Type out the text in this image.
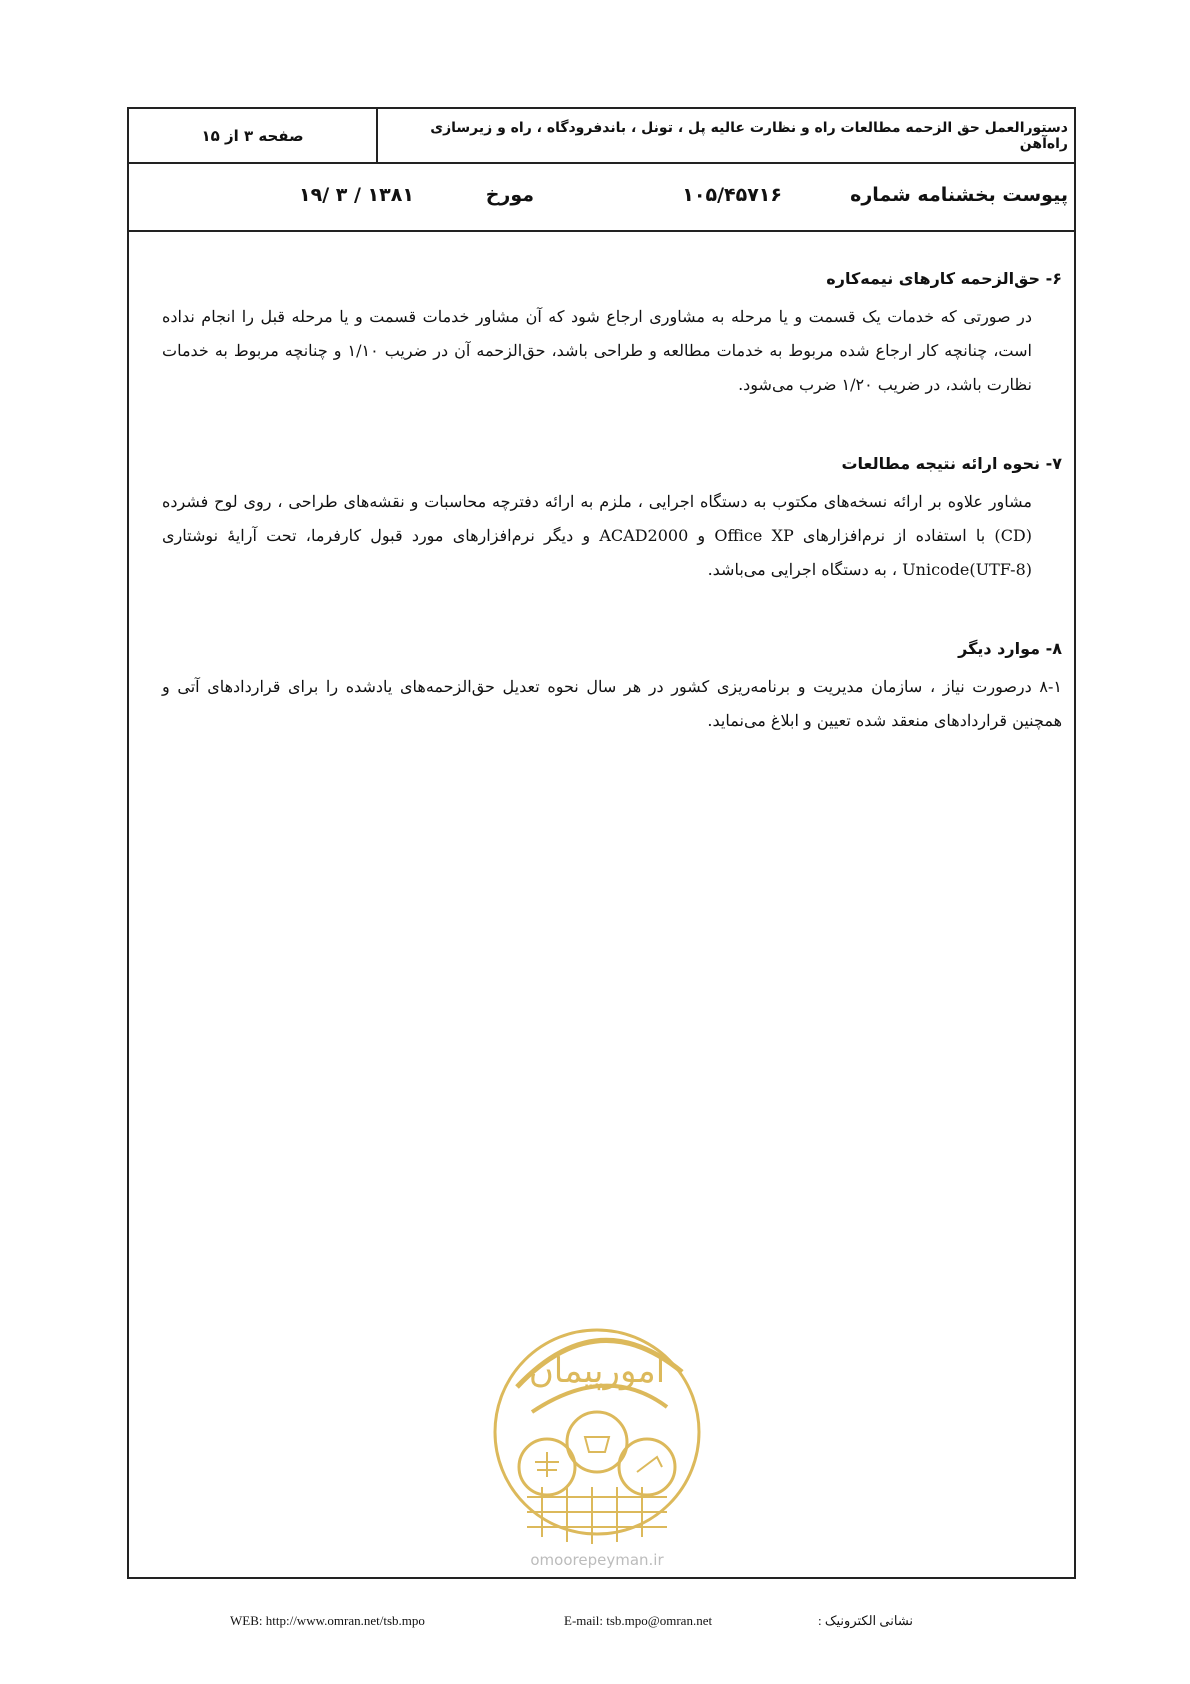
دستورالعمل حق الزحمه مطالعات راه و نظارت عالیه پل ، تونل ، باندفرودگاه ، راه و زیرسازی راه‌آهن
صفحه ۳ از ۱۵
پیوست بخشنامه شماره
۱۰۵/۴۵۷۱۶
مورخ
۱۳۸۱ / ۳ /۱۹
۶- حق‌الزحمه کارهای نیمه‌کاره

در صورتی که خدمات یک قسمت و یا مرحله به مشاوری ارجاع شود که آن مشاور خدمات قسمت و یا مرحله قبل را انجام نداده است، چنانچه کار ارجاع شده مربوط به خدمات مطالعه و طراحی باشد، حق‌الزحمه آن در ضریب ۱/۱۰ و چنانچه مربوط به خدمات نظارت باشد، در ضریب ۱/۲۰ ضرب می‌شود.

۷- نحوه ارائه نتیجه مطالعات

مشاور علاوه بر ارائه نسخه‌های مکتوب به دستگاه اجرایی ، ملزم به ارائه دفترچه محاسبات و نقشه‌های طراحی ، روی لوح فشرده (CD) با استفاده از نرم‌افزارهای Office XP و ACAD2000 و دیگر نرم‌افزارهای مورد قبول کارفرما، تحت آرایهٔ نوشتاری Unicode(UTF-8) ، به دستگاه اجرایی می‌باشد.

۸- موارد دیگر

۸-۱ درصورت نیاز ، سازمان مدیریت و برنامه‌ریزی کشور در هر سال نحوه تعدیل حق‌الزحمه‌های یادشده را برای قراردادهای آتی و همچنین قراردادهای منعقد شده تعیین و ابلاغ می‌نماید.

امورپیمان
omoorepeyman.ir
WEB: http://www.omran.net/tsb.mpo	E-mail: tsb.mpo@omran.net	نشانی الکترونیک :
